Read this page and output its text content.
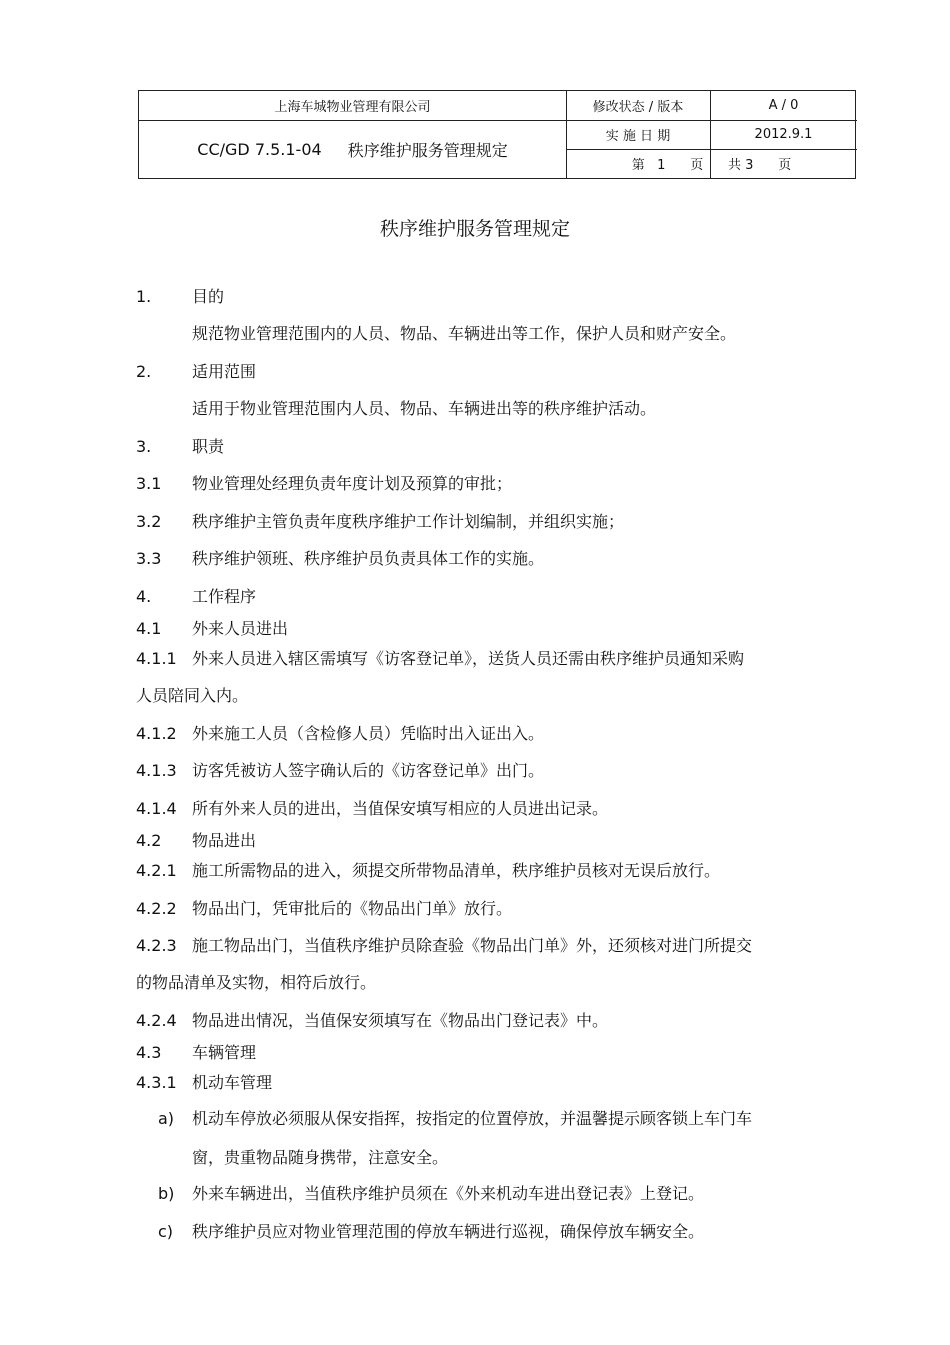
上海车城物业管理有限公司
CC/GD 7.5.1-04 秩序维护服务管理规定
修改状态 / 版本	A / 0
实 施 日 期	2012.9.1
第   1      页      共 3      页
秩序维护服务管理规定
1.	目的
规范物业管理范围内的人员、物品、车辆进出等工作，保护人员和财产安全。
2.	适用范围
适用于物业管理范围内人员、物品、车辆进出等的秩序维护活动。
3.	职责
3.1 物业管理处经理负责年度计划及预算的审批；
3.2 秩序维护主管负责年度秩序维护工作计划编制，并组织实施；
3.3 秩序维护领班、秩序维护员负责具体工作的实施。
4.	工作程序
4.1 外来人员进出
4.1.1 外来人员进入辖区需填写《访客登记单》，送货人员还需由秩序维护员通知采购
人员陪同入内。
4.1.2 外来施工人员（含检修人员）凭临时出入证出入。
4.1.3 访客凭被访人签字确认后的《访客登记单》出门。
4.1.4 所有外来人员的进出，当值保安填写相应的人员进出记录。
4.2 物品进出
4.2.1 施工所需物品的进入，须提交所带物品清单，秩序维护员核对无误后放行。
4.2.2 物品出门，凭审批后的《物品出门单》放行。
4.2.3 施工物品出门，当值秩序维护员除查验《物品出门单》外，还须核对进门所提交
的物品清单及实物，相符后放行。
4.2.4 物品进出情况，当值保安须填写在《物品出门登记表》中。
4.3 车辆管理
4.3.1 机动车管理
a) 机动车停放必须服从保安指挥，按指定的位置停放，并温馨提示顾客锁上车门车
窗，贵重物品随身携带，注意安全。
b) 外来车辆进出，当值秩序维护员须在《外来机动车进出登记表》上登记。
c) 秩序维护员应对物业管理范围的停放车辆进行巡视，确保停放车辆安全。
